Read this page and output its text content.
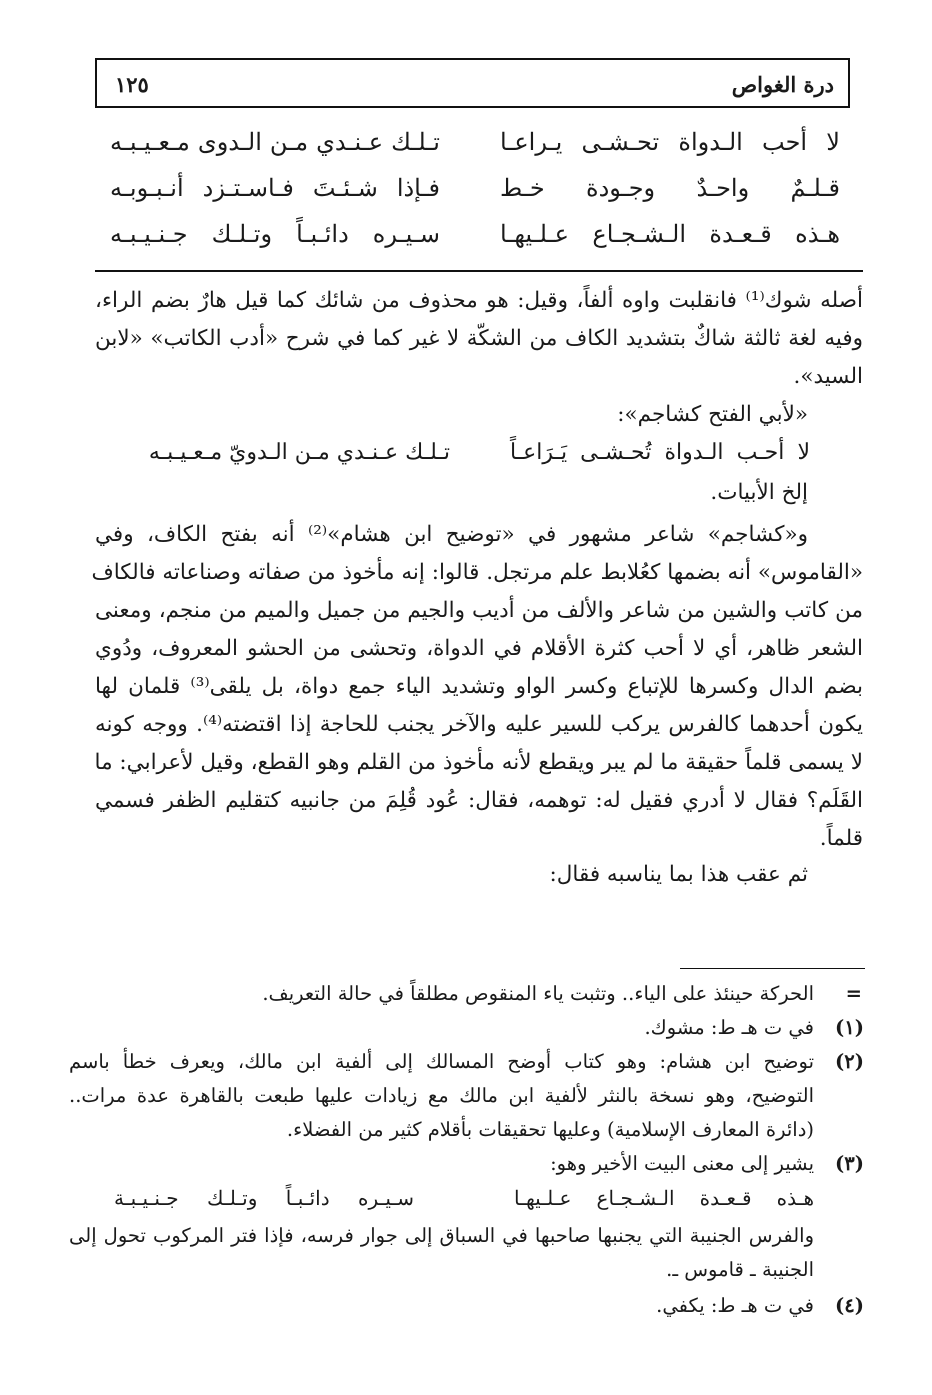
درة الغواص
١٢٥
لا أحب الـدواة تحـشـى يـراعـا
تـلـك عـنـدي مـن الـدوى مـعـيـبـه
قـلـمٌ واحـدٌ وجـودة خـط
فـإذا شـئـتَ فـاسـتـزد أنـبـوبـه
هـذه قـعـدة الـشـجـاع عـلـيهـا
سـيـره دائـبـاً وتـلـك جـنـيـبـه
أصله شوك⁽¹⁾ فانقلبت واوه ألفاً، وقيل: هو محذوف من شائك كما قيل هارٌ بضم الراء،
وفيه لغة ثالثة شاكٌ بتشديد الكاف من الشكّة لا غير كما في شرح «أدب الكاتب» «لابن
السيد».
«لأبي الفتح كشاجم»:
لا أحـب الـدواة تُحـشـى يَـرَاعـاً
تـلـك عـنـدي مـن الـدويّ مـعـيـبـه
إلخ الأبيات.
و«كشاجم» شاعر مشهور في «توضيح ابن هشام»⁽²⁾ أنه بفتح الكاف، وفي
«القاموس» أنه بضمها كعُلابط علم مرتجل. قالوا: إنه مأخوذ من صفاته وصناعاته فالكاف
من كاتب والشين من شاعر والألف من أديب والجيم من جميل والميم من منجم، ومعنى
الشعر ظاهر، أي لا أحب كثرة الأقلام في الدواة، وتحشى من الحشو المعروف، ودُوي
بضم الدال وكسرها للإتباع وكسر الواو وتشديد الياء جمع دواة، بل يلقى⁽³⁾ قلمان لها
يكون أحدهما كالفرس يركب للسير عليه والآخر يجنب للحاجة إذا اقتضته⁽⁴⁾. ووجه كونه
لا يسمى قلماً حقيقة ما لم يبر ويقطع لأنه مأخوذ من القلم وهو القطع، وقيل لأعرابي: ما
القَلَم؟ فقال لا أدري فقيل له: توهمه، فقال: عُود قُلِمَ من جانبيه كتقليم الظفر فسمي
قلماً.
ثم عقب هذا بما يناسبه فقال:
=
الحركة حينئذ على الياء.. وتثبت ياء المنقوص مطلقاً في حالة التعريف.
(١)
في ت هـ ط: مشوك.
(٢)
توضيح ابن هشام: وهو كتاب أوضح المسالك إلى ألفية ابن مالك، ويعرف خطأ باسم
التوضيح، وهو نسخة بالنثر لألفية ابن مالك مع زيادات عليها طبعت بالقاهرة عدة مرات..
(دائرة المعارف الإسلامية) وعليها تحقيقات بأقلام كثير من الفضلاء.
(٣)
يشير إلى معنى البيت الأخير وهو:
هـذه قـعـدة الـشـجـاع عـلـيهـا
سـيـره دائـبـاً وتـلـك جـنـيـبـة
والفرس الجنيبة التي يجنبها صاحبها في السباق إلى جوار فرسه، فإذا فتر المركوب تحول إلى
الجنيبة ـ قاموس ـ.
(٤)
في ت هـ ط: يكفي.
